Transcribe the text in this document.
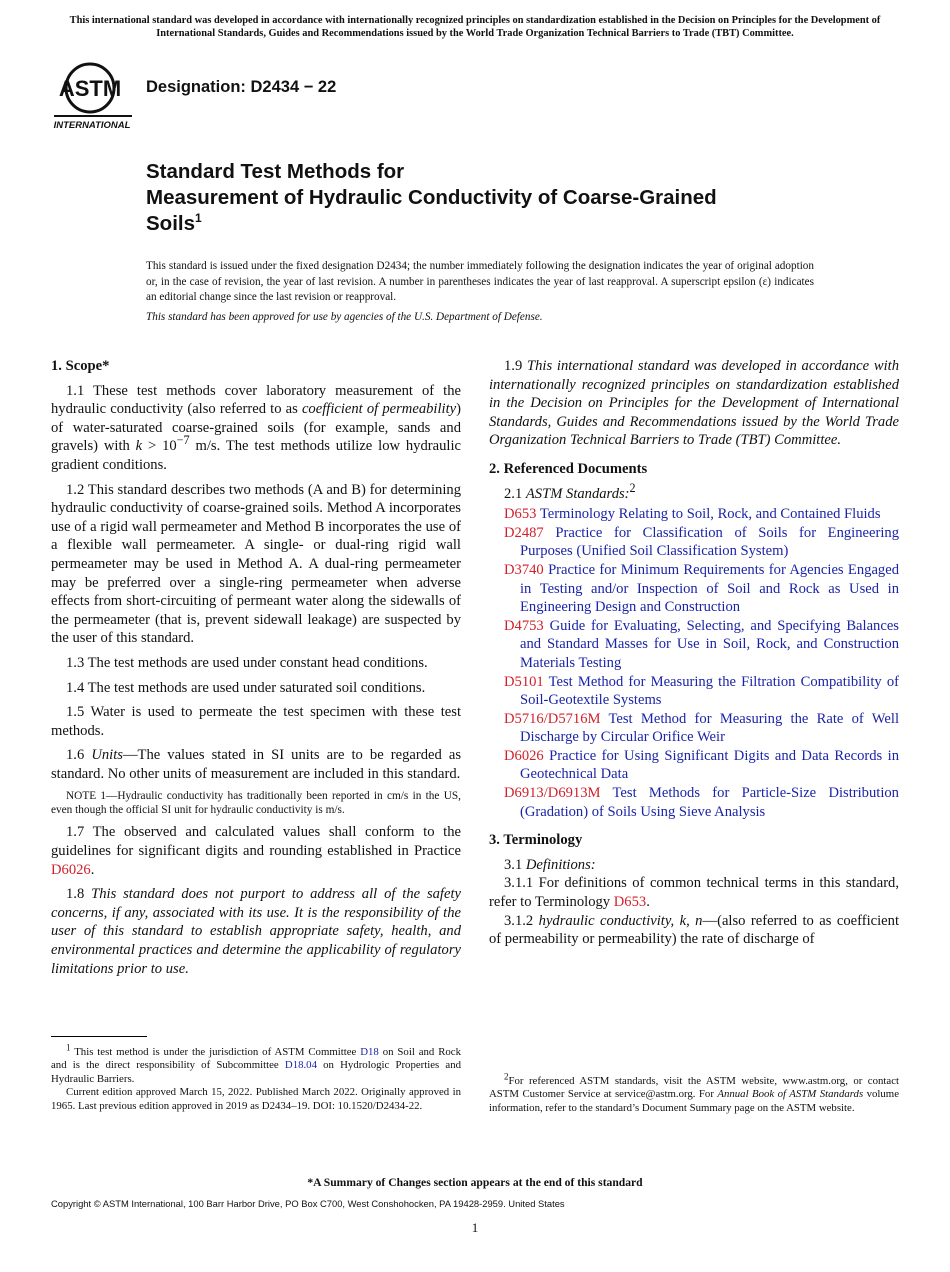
This international standard was developed in accordance with internationally recognized principles on standardization established in the Decision on Principles for the Development of International Standards, Guides and Recommendations issued by the World Trade Organization Technical Barriers to Trade (TBT) Committee.
ASTM
INTERNATIONAL
Designation: D2434 − 22
Standard Test Methods for
Measurement of Hydraulic Conductivity of Coarse-Grained
Soils$^1$
This standard is issued under the fixed designation D2434; the number immediately following the designation indicates the year of original adoption or, in the case of revision, the year of last revision. A number in parentheses indicates the year of last reapproval. A superscript epsilon (ε) indicates an editorial change since the last revision or reapproval.
This standard has been approved for use by agencies of the U.S. Department of Defense.

1. Scope*

1.1 These test methods cover laboratory measurement of the hydraulic conductivity (also referred to as coefficient of permeability) of water-saturated coarse-grained soils (for example, sands and gravels) with $k > 10^{-7}$ m/s. The test methods utilize low hydraulic gradient conditions.

1.2 This standard describes two methods (A and B) for determining hydraulic conductivity of coarse-grained soils. Method A incorporates use of a rigid wall permeameter and Method B incorporates the use of a flexible wall permeameter. A single- or dual-ring rigid wall permeameter may be used in Method A. A dual-ring permeameter may be preferred over a single-ring permeameter when adverse effects from short-circuiting of permeant water along the sidewalls of the permeameter (that is, prevent sidewall leakage) are suspected by the user of this standard.

1.3 The test methods are used under constant head conditions.

1.4 The test methods are used under saturated soil conditions.

1.5 Water is used to permeate the test specimen with these test methods.

1.6 Units—The values stated in SI units are to be regarded as standard. No other units of measurement are included in this standard.

NOTE 1—Hydraulic conductivity has traditionally been reported in cm/s in the US, even though the official SI unit for hydraulic conductivity is m/s.

1.7 The observed and calculated values shall conform to the guidelines for significant digits and rounding established in Practice D6026.

1.8 This standard does not purport to address all of the safety concerns, if any, associated with its use. It is the responsibility of the user of this standard to establish appropriate safety, health, and environmental practices and determine the applicability of regulatory limitations prior to use.

1.9 This international standard was developed in accordance with internationally recognized principles on standardization established in the Decision on Principles for the Development of International Standards, Guides and Recommendations issued by the World Trade Organization Technical Barriers to Trade (TBT) Committee.

2. Referenced Documents

2.1 ASTM Standards:$^2$

D653 Terminology Relating to Soil, Rock, and Contained Fluids

D2487 Practice for Classification of Soils for Engineering Purposes (Unified Soil Classification System)

D3740 Practice for Minimum Requirements for Agencies Engaged in Testing and/or Inspection of Soil and Rock as Used in Engineering Design and Construction

D4753 Guide for Evaluating, Selecting, and Specifying Balances and Standard Masses for Use in Soil, Rock, and Construction Materials Testing

D5101 Test Method for Measuring the Filtration Compatibility of Soil-Geotextile Systems

D5716/D5716M Test Method for Measuring the Rate of Well Discharge by Circular Orifice Weir

D6026 Practice for Using Significant Digits and Data Records in Geotechnical Data

D6913/D6913M Test Methods for Particle-Size Distribution (Gradation) of Soils Using Sieve Analysis

3. Terminology

3.1 Definitions:

3.1.1 For definitions of common technical terms in this standard, refer to Terminology D653.

3.1.2 hydraulic conductivity, k, n—(also referred to as coefficient of permeability or permeability) the rate of discharge of

$^1$ This test method is under the jurisdiction of ASTM Committee D18 on Soil and Rock and is the direct responsibility of Subcommittee D18.04 on Hydrologic Properties and Hydraulic Barriers.

Current edition approved March 15, 2022. Published March 2022. Originally approved in 1965. Last previous edition approved in 2019 as D2434–19. DOI: 10.1520/D2434-22.

$^2$For referenced ASTM standards, visit the ASTM website, www.astm.org, or contact ASTM Customer Service at service@astm.org. For Annual Book of ASTM Standards volume information, refer to the standard’s Document Summary page on the ASTM website.

*A Summary of Changes section appears at the end of this standard
Copyright © ASTM International, 100 Barr Harbor Drive, PO Box C700, West Conshohocken, PA 19428-2959. United States
1
